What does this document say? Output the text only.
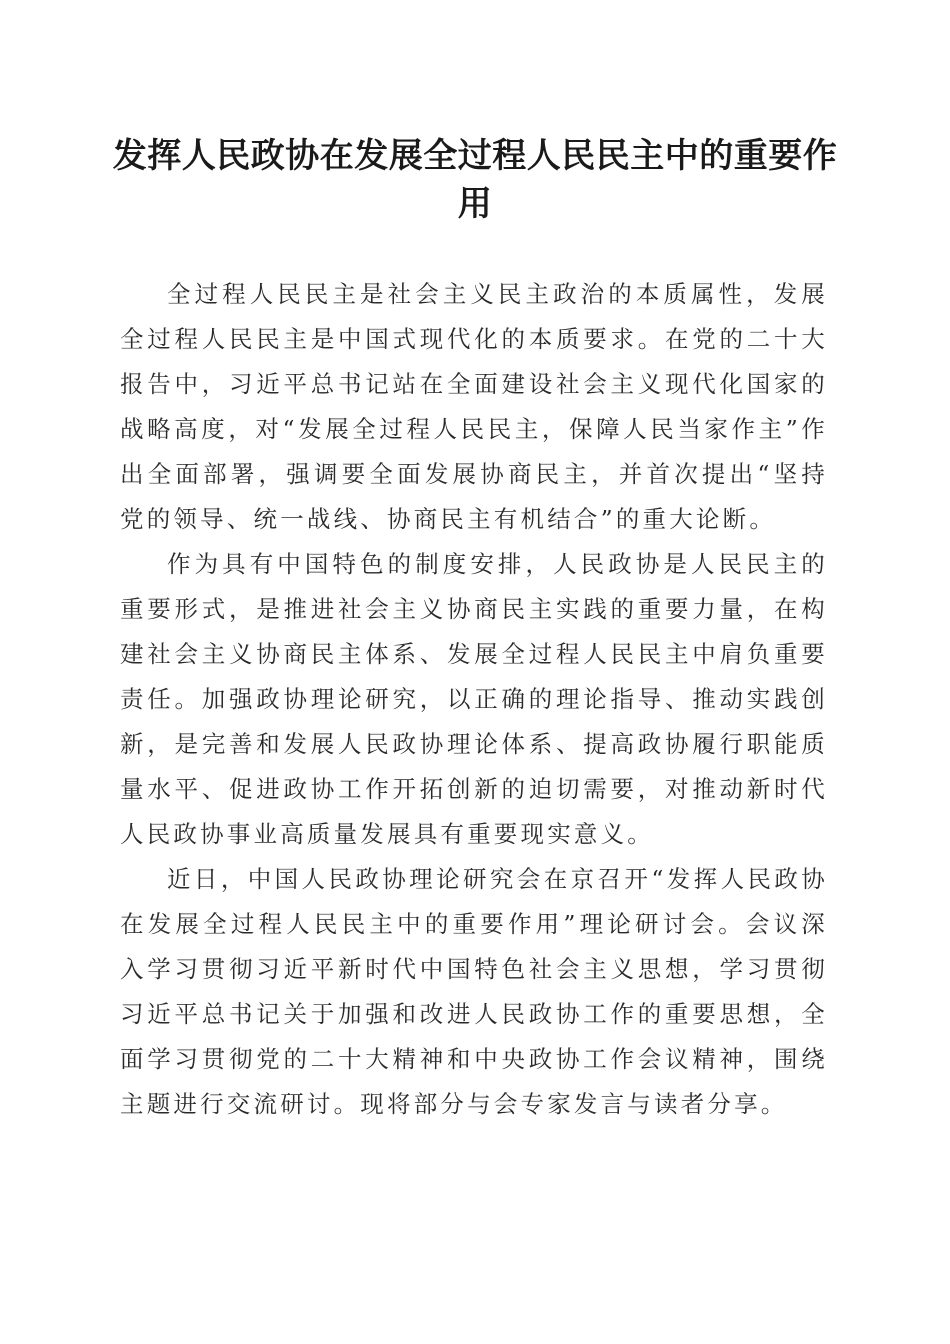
发挥人民政协在发展全过程人民民主中的重要作用

全过程人民民主是社会主义民主政治的本质属性，发展全过程人民民主是中国式现代化的本质要求。在党的二十大报告中，习近平总书记站在全面建设社会主义现代化国家的战略高度，对“发展全过程人民民主，保障人民当家作主”作出全面部署，强调要全面发展协商民主，并首次提出“坚持党的领导、统一战线、协商民主有机结合”的重大论断。

作为具有中国特色的制度安排，人民政协是人民民主的重要形式，是推进社会主义协商民主实践的重要力量，在构建社会主义协商民主体系、发展全过程人民民主中肩负重要责任。加强政协理论研究，以正确的理论指导、推动实践创新，是完善和发展人民政协理论体系、提高政协履行职能质量水平、促进政协工作开拓创新的迫切需要，对推动新时代人民政协事业高质量发展具有重要现实意义。

近日，中国人民政协理论研究会在京召开“发挥人民政协在发展全过程人民民主中的重要作用”理论研讨会。会议深入学习贯彻习近平新时代中国特色社会主义思想，学习贯彻习近平总书记关于加强和改进人民政协工作的重要思想，全面学习贯彻党的二十大精神和中央政协工作会议精神，围绕主题进行交流研讨。现将部分与会专家发言与读者分享。
